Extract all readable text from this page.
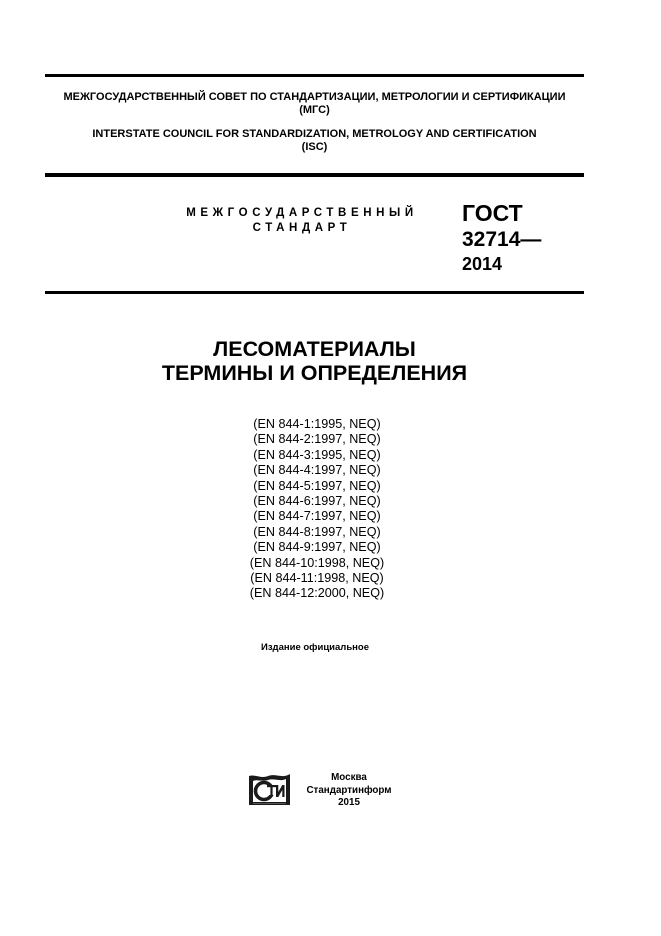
МЕЖГОСУДАРСТВЕННЫЙ СОВЕТ ПО СТАНДАРТИЗАЦИИ, МЕТРОЛОГИИ И СЕРТИФИКАЦИИ
(МГС)
INTERSTATE COUNCIL FOR STANDARDIZATION, METROLOGY AND CERTIFICATION
(ISC)
МЕЖГОСУДАРСТВЕННЫЙ
СТАНДАРТ
ГОСТ
32714—
2014
ЛЕСОМАТЕРИАЛЫ
ТЕРМИНЫ И ОПРЕДЕЛЕНИЯ
(EN 844-1:1995, NEQ)
(EN 844-2:1997, NEQ)
(EN 844-3:1995, NEQ)
(EN 844-4:1997, NEQ)
(EN 844-5:1997, NEQ)
(EN 844-6:1997, NEQ)
(EN 844-7:1997, NEQ)
(EN 844-8:1997, NEQ)
(EN 844-9:1997, NEQ)
(EN 844-10:1998, NEQ)
(EN 844-11:1998, NEQ)
(EN 844-12:2000, NEQ)
Издание официальное
Москва
Стандартинформ
2015
